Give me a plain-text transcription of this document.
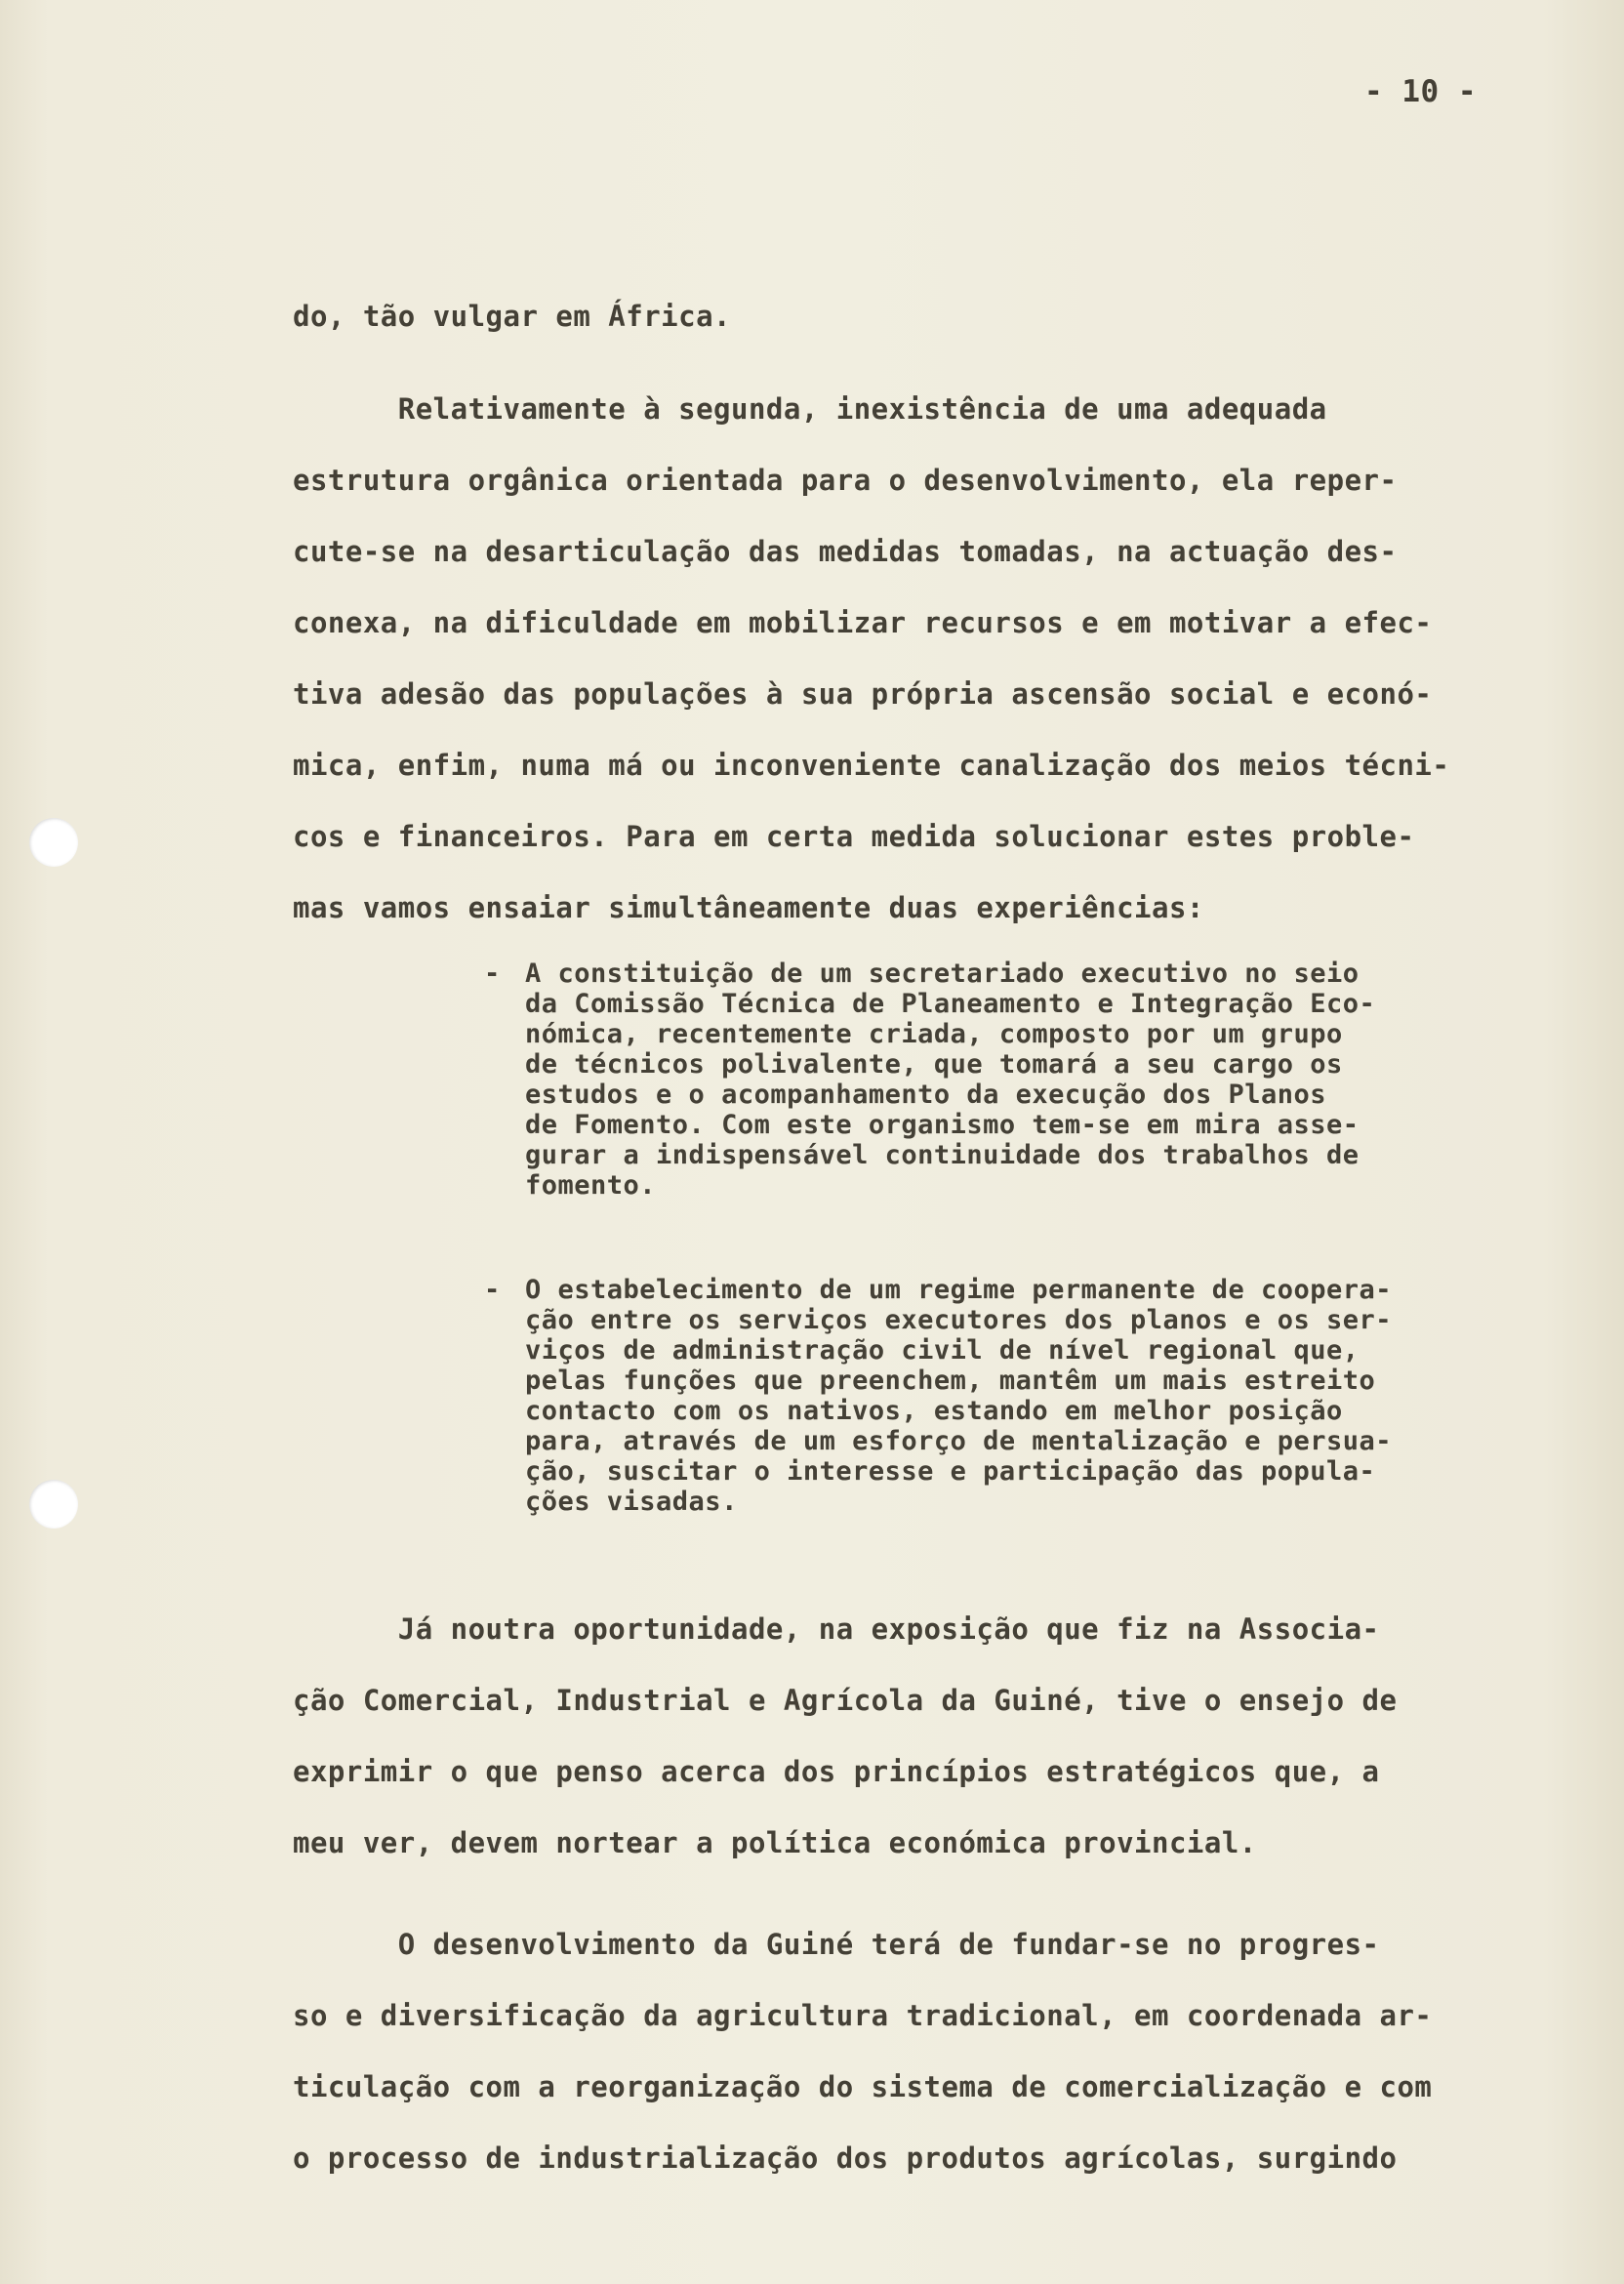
- 10 -
do, tão vulgar em África.
Relativamente à segunda, inexistência de uma adequada
estrutura orgânica orientada para o desenvolvimento, ela reper-
cute-se na desarticulação das medidas tomadas, na actuação des-
conexa, na dificuldade em mobilizar recursos e em motivar a efec-
tiva adesão das populações à sua própria ascensão social e econó-
mica, enfim, numa má ou inconveniente canalização dos meios técni-
cos e financeiros. Para em certa medida solucionar estes proble-
mas vamos ensaiar simultâneamente duas experiências:
- A constituição de um secretariado executivo no seio
da Comissão Técnica de Planeamento e Integração Eco-
nómica, recentemente criada, composto por um grupo
de técnicos polivalente, que tomará a seu cargo os
estudos e o acompanhamento da execução dos Planos
de Fomento. Com este organismo tem-se em mira asse-
gurar a indispensável continuidade dos trabalhos de
fomento.
- O estabelecimento de um regime permanente de coopera-
ção entre os serviços executores dos planos e os ser-
viços de administração civil de nível regional que,
pelas funções que preenchem, mantêm um mais estreito
contacto com os nativos, estando em melhor posição
para, através de um esforço de mentalização e persua-
ção, suscitar o interesse e participação das popula-
ções visadas.
Já noutra oportunidade, na exposição que fiz na Associa-
ção Comercial, Industrial e Agrícola da Guiné, tive o ensejo de
exprimir o que penso acerca dos princípios estratégicos que, a
meu ver, devem nortear a política económica provincial.
O desenvolvimento da Guiné terá de fundar-se no progres-
so e diversificação da agricultura tradicional, em coordenada ar-
ticulação com a reorganização do sistema de comercialização e com
o processo de industrialização dos produtos agrícolas, surgindo
